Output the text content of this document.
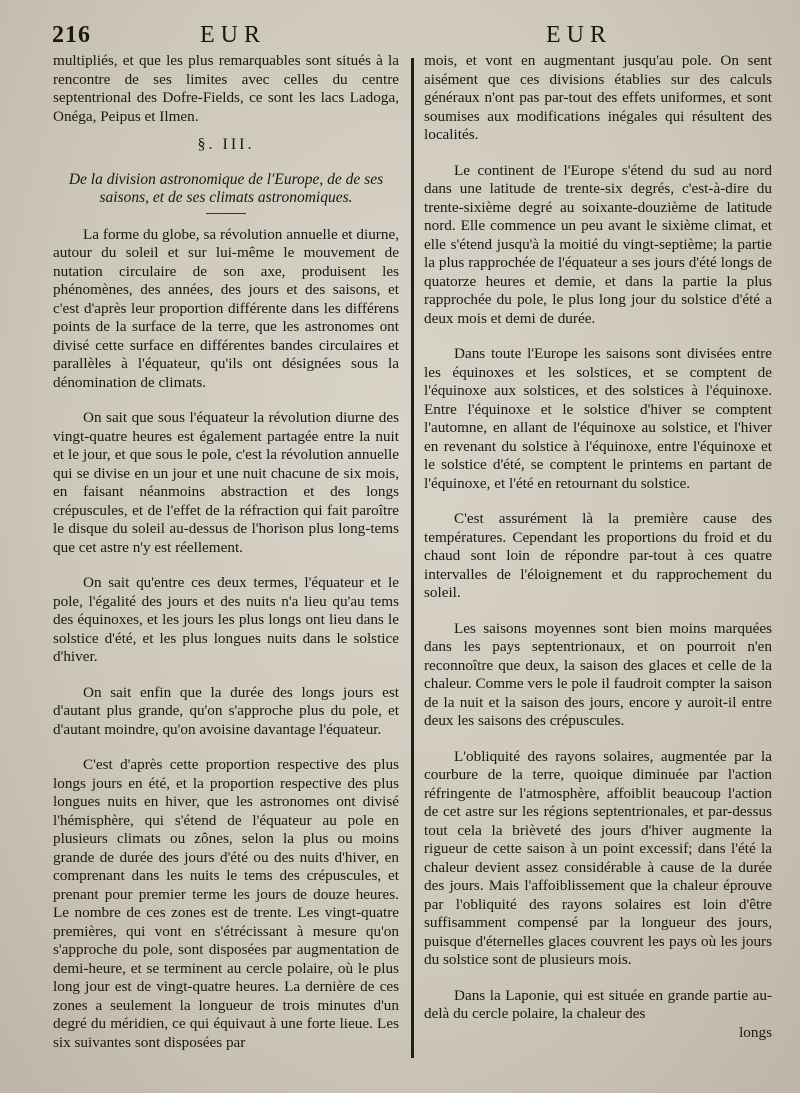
216	EUR	EUR

multipliés, et que les plus remarquables sont situés à la rencontre de ses limites avec celles du centre septentrional des Dofre-Fields, ce sont les lacs Ladoga, Onéga, Peipus et Ilmen.

§. III.
De la division astronomique de l'Europe, de de ses saisons, et de ses climats astronomiques.

La forme du globe, sa révolution annuelle et diurne, autour du soleil et sur lui-même le mouvement de nutation circulaire de son axe, produisent les phénomènes, des années, des jours et des saisons, et c'est d'après leur proportion différente dans les différens points de la surface de la terre, que les astronomes ont divisé cette surface en différentes bandes circulaires et parallèles à l'équateur, qu'ils ont désignées sous la dénomination de climats.

On sait que sous l'équateur la révolution diurne des vingt-quatre heures est également partagée entre la nuit et le jour, et que sous le pole, c'est la révolution annuelle qui se divise en un jour et une nuit chacune de six mois, en faisant néanmoins abstraction et des longs crépuscules, et de l'effet de la réfraction qui fait paroître le disque du soleil au-dessus de l'horison plus long-tems que cet astre n'y est réellement.

On sait qu'entre ces deux termes, l'équateur et le pole, l'égalité des jours et des nuits n'a lieu qu'au tems des équinoxes, et les jours les plus longs ont lieu dans le solstice d'été, et les plus longues nuits dans le solstice d'hiver.

On sait enfin que la durée des longs jours est d'autant plus grande, qu'on s'approche plus du pole, et d'autant moindre, qu'on avoisine davantage l'équateur.

C'est d'après cette proportion respective des plus longs jours en été, et la proportion respective des plus longues nuits en hiver, que les astronomes ont divisé l'hémisphère, qui s'étend de l'équateur au pole en plusieurs climats ou zônes, selon la plus ou moins grande de durée des jours d'été ou des nuits d'hiver, en comprenant dans les nuits le tems des crépuscules, et prenant pour premier terme les jours de douze heures. Le nombre de ces zones est de trente. Les vingt-quatre premières, qui vont en s'étrécissant à mesure qu'on s'approche du pole, sont disposées par augmentation de demi-heure, et se terminent au cercle polaire, où le plus long jour est de vingt-quatre heures. La dernière de ces zones a seulement la longueur de trois minutes d'un degré du méridien, ce qui équivaut à une forte lieue. Les six suivantes sont disposées par

mois, et vont en augmentant jusqu'au pole. On sent aisément que ces divisions établies sur des calculs généraux n'ont pas par-tout des effets uniformes, et sont soumises aux modifications inégales qui résultent des localités.

Le continent de l'Europe s'étend du sud au nord dans une latitude de trente-six degrés, c'est-à-dire du trente-sixième degré au soixante-douzième de latitude nord. Elle commence un peu avant le sixième climat, et elle s'étend jusqu'à la moitié du vingt-septième; la partie la plus rapprochée de l'équateur a ses jours d'été longs de quatorze heures et demie, et dans la partie la plus rapprochée du pole, le plus long jour du solstice d'été a deux mois et demi de durée.

Dans toute l'Europe les saisons sont divisées entre les équinoxes et les solstices, et se comptent de l'équinoxe aux solstices, et des solstices à l'équinoxe. Entre l'équinoxe et le solstice d'hiver se comptent l'automne, en allant de l'équinoxe au solstice, et l'hiver en revenant du solstice à l'équinoxe, entre l'équinoxe et le solstice d'été, se comptent le printems en partant de l'équinoxe, et l'été en retournant du solstice.

C'est assurément là la première cause des températures. Cependant les proportions du froid et du chaud sont loin de répondre par-tout à ces quatre intervalles de l'éloignement et du rapprochement du soleil.

Les saisons moyennes sont bien moins marquées dans les pays septentrionaux, et on pourroit n'en reconnoître que deux, la saison des glaces et celle de la chaleur. Comme vers le pole il faudroit compter la saison de la nuit et la saison des jours, encore y auroit-il entre deux les saisons des crépuscules.

L'obliquité des rayons solaires, augmentée par la courbure de la terre, quoique diminuée par l'action réfringente de l'atmosphère, affoiblit beaucoup l'action de cet astre sur les régions septentrionales, et par-dessus tout cela la brièveté des jours d'hiver augmente la rigueur de cette saison à un point excessif; dans l'été la chaleur devient assez considérable à cause de la durée des jours. Mais l'affoiblissement que la chaleur éprouve par l'obliquité des rayons solaires est loin d'être suffisamment compensé par la longueur des jours, puisque d'éternelles glaces couvrent les pays où les jours du solstice sont de plusieurs mois.

Dans la Laponie, qui est située en grande partie au-delà du cercle polaire, la chaleur des

longs
